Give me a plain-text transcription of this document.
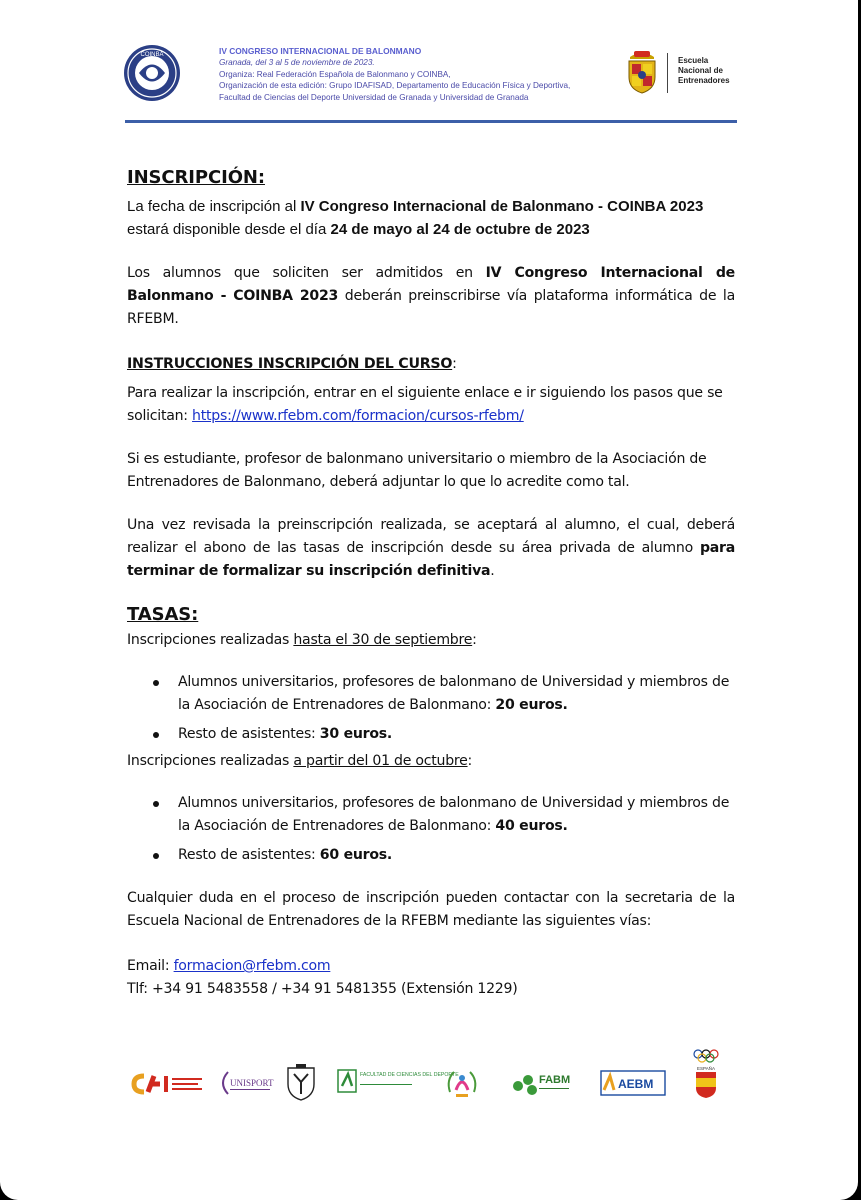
COINBA	IV CONGRESO INTERNACIONAL DE BALONMANO
Granada, del 3 al 5 de noviembre de 2023.
Organiza: Real Federación Española de Balonmano y COINBA,
Organización de esta edición: Grupo IDAFISAD, Departamento de Educación Física y Deportiva,
Facultad de Ciencias del Deporte Universidad de Granada y Universidad de Granada
Escuela
Nacional de
Entrenadores

INSCRIPCIÓN:

La fecha de inscripción al IV Congreso Internacional de Balonmano - COINBA 2023
estará disponible desde el día 24 de mayo al 24 de octubre de 2023

Los alumnos que soliciten ser admitidos en IV Congreso Internacional de Balonmano - COINBA 2023 deberán preinscribirse vía plataforma informática de la RFEBM.

INSTRUCCIONES INSCRIPCIÓN DEL CURSO:

Para realizar la inscripción, entrar en el siguiente enlace e ir siguiendo los pasos que se solicitan: https://www.rfebm.com/formacion/cursos-rfebm/

Si es estudiante, profesor de balonmano universitario o miembro de la Asociación de Entrenadores de Balonmano, deberá adjuntar lo que lo acredite como tal.

Una vez revisada la preinscripción realizada, se aceptará al alumno, el cual, deberá realizar el abono de las tasas de inscripción desde su área privada de alumno para terminar de formalizar su inscripción definitiva.

TASAS:

Inscripciones realizadas hasta el 30 de septiembre:

Alumnos universitarios, profesores de balonmano de Universidad y miembros de la Asociación de Entrenadores de Balonmano: 20 euros.
Resto de asistentes: 30 euros.

Inscripciones realizadas a partir del 01 de octubre:

Alumnos universitarios, profesores de balonmano de Universidad y miembros de la Asociación de Entrenadores de Balonmano: 40 euros.
Resto de asistentes: 60 euros.

Cualquier duda en el proceso de inscripción pueden contactar con la secretaria de la Escuela Nacional de Entrenadores de la RFEBM mediante las siguientes vías:

Email: formacion@rfebm.com

Tlf: +34 91 5483558 / +34 91 5481355 (Extensión 1229)

UNISPORT
FACULTAD DE CIENCIAS DEL DEPORTE	FABM	AEBM
ESPAÑA
